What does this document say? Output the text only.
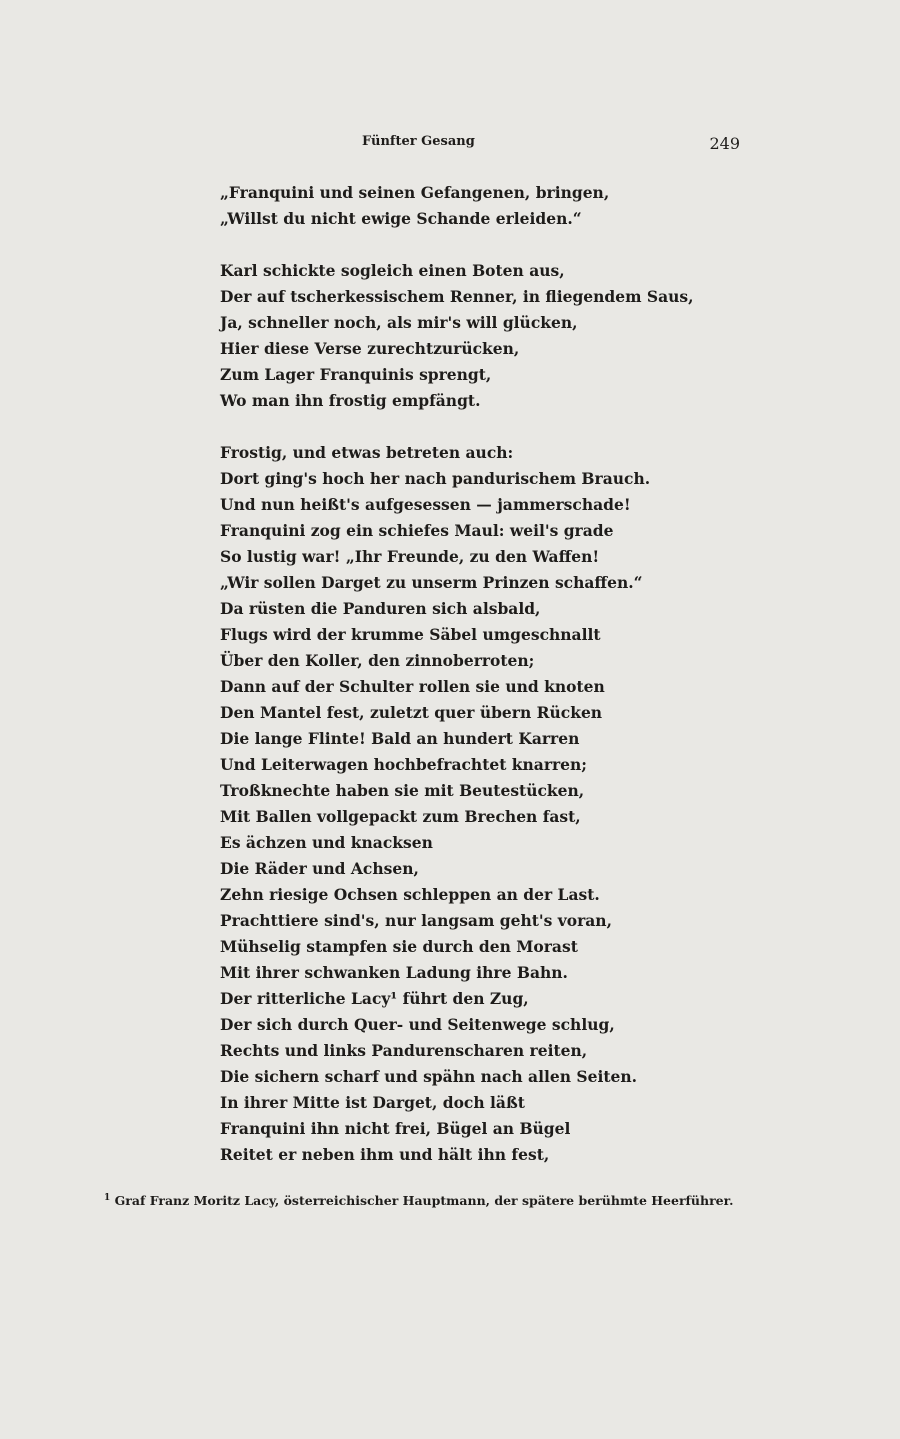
Fünfter Gesang	249
„Franquini und seinen Gefangenen, bringen,
„Willst du nicht ewige Schande erleiden.“
Karl schickte sogleich einen Boten aus,
Der auf tscherkessischem Renner, in fliegendem Saus,
Ja, schneller noch, als mir's will glücken,
Hier diese Verse zurechtzurücken,
Zum Lager Franquinis sprengt,
Wo man ihn frostig empfängt.
Frostig, und etwas betreten auch:
Dort ging's hoch her nach pandurischem Brauch.
Und nun heißt's aufgesessen — jammerschade!
Franquini zog ein schiefes Maul: weil's grade
So lustig war! „Ihr Freunde, zu den Waffen!
„Wir sollen Darget zu unserm Prinzen schaffen.“
Da rüsten die Panduren sich alsbald,
Flugs wird der krumme Säbel umgeschnallt
Über den Koller, den zinnoberroten;
Dann auf der Schulter rollen sie und knoten
Den Mantel fest, zuletzt quer übern Rücken
Die lange Flinte! Bald an hundert Karren
Und Leiterwagen hochbefrachtet knarren;
Troßknechte haben sie mit Beutestücken,
Mit Ballen vollgepackt zum Brechen fast,
Es ächzen und knacksen
Die Räder und Achsen,
Zehn riesige Ochsen schleppen an der Last.
Prachttiere sind's, nur langsam geht's voran,
Mühselig stampfen sie durch den Morast
Mit ihrer schwanken Ladung ihre Bahn.
Der ritterliche Lacy¹ führt den Zug,
Der sich durch Quer- und Seitenwege schlug,
Rechts und links Pandurenscharen reiten,
Die sichern scharf und spähn nach allen Seiten.
In ihrer Mitte ist Darget, doch läßt
Franquini ihn nicht frei, Bügel an Bügel
Reitet er neben ihm und hält ihn fest,
$^1$ Graf Franz Moritz Lacy, österreichischer Hauptmann, der spätere berühmte Heerführer.
